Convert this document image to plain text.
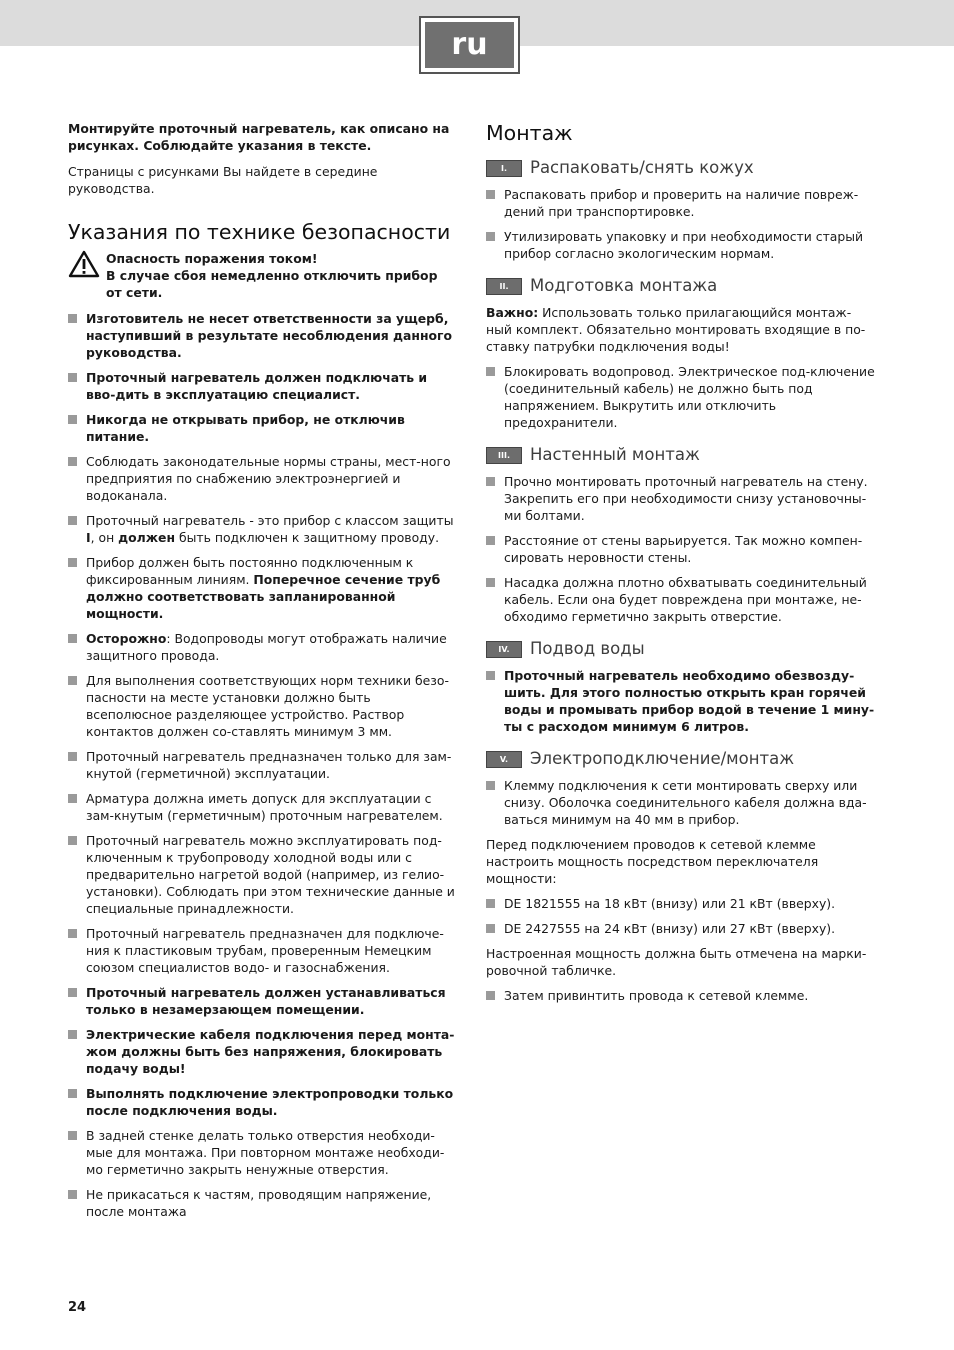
ru

Монтируйте проточный нагреватель, как описано на рисунках. Соблюдайте указания в тексте.

Страницы с рисунками Вы найдете в середине руководства.

Указания по технике безопасности

Опасность поражения током!

В случае сбоя немедленно отключить прибор от сети.

Изготовитель не несет ответственности за ущерб, наступивший в результате несоблюдения данного руководства.
Проточный нагреватель должен подключать и вво-дить в эксплуатацию специалист.
Никогда не открывать прибор, не отключив питание.
Соблюдать законодательные нормы страны, мест-ного предприятия по снабжению электроэнергией и водоканала.
Проточный нагреватель - это прибор с классом защиты I, он должен быть подключен к защитному проводу.
Прибор должен быть постоянно подключенным к фиксированным линиям. Поперечное сечение труб должно соответствовать запланированной мощности.
Осторожно: Водопроводы могут отображать наличие защитного провода.
Для выполнения соответствующих норм техники безо-пасности на месте установки должно быть всеполюсное разделяющее устройство. Раствор контактов должен со-ставлять минимум 3 мм.
Проточный нагреватель предназначен только для зам-кнутой (герметичной) эксплуатации.
Арматура должна иметь допуск для эксплуатации с зам-кнутым (герметичным) проточным нагревателем.
Проточный нагреватель можно эксплуатировать под-ключенным к трубопроводу холодной воды или с предварительно нагретой водой (например, из гелио-установки). Соблюдать при этом технические данные и специальные принадлежности.
Проточный нагреватель предназначен для подключе-ния к пластиковым трубам, проверенным Немецким союзом специалистов водо- и газоснабжения.
Проточный нагреватель должен устанавливаться только в незамерзающем помещении.
Электрические кабеля подключения перед монта-жом должны быть без напряжения, блокировать подачу воды!
Выполнять подключение электропроводки только после подключения воды.
В задней стенке делать только отверстия необходи-мые для монтажа. При повторном монтаже необходи-мо герметично закрыть ненужные отверстия.
Не прикасаться к частям, проводящим напряжение, после монтажа
Монтаж
I.	Распаковать/снять кожух
Распаковать прибор и проверить на наличие повреж-дений при транспортировке.
Утилизировать упаковку и при необходимости старый прибор согласно экологическим нормам.
II.	Модготовка монтажа

Важно: Использовать только прилагающийся монтаж-ный комплект. Обязательно монтировать входящие в по-ставку патрубки подключения воды!

Блокировать водопровод. Электрическое под-ключение (соединительный кабель) не должно быть под напряжением. Выкрутить или отключить предохранители.
III.	Настенный монтаж
Прочно монтировать проточный нагреватель на стену. Закрепить его при необходимости снизу установочны-ми болтами.
Расстояние от стены варьируется. Так можно компен-сировать неровности стены.
Насадка должна плотно обхватывать соединительный кабель. Если она будет повреждена при монтаже, не-обходимо герметично закрыть отверстие.
IV.	Подвод воды
Проточный нагреватель необходимо обезвозду-шить. Для этого полностью открыть кран горячей воды и промывать прибор водой в течение 1 мину-ты с расходом минимум 6 литров.
V.	Электроподключение/монтаж
Клемму подключения к сети монтировать сверху или снизу. Оболочка соединительного кабеля должна вда-ваться минимум на 40 мм в прибор.

Перед подключением проводов к сетевой клемме настроить мощность посредством переключателя мощности:

DE 1821555 на 18 кВт (внизу) или 21 кВт (вверху).
DE 2427555 на 24 кВт (внизу) или 27 кВт (вверху).

Настроенная мощность должна быть отмечена на марки-ровочной табличке.

Затем привинтить провода к сетевой клемме.
24
